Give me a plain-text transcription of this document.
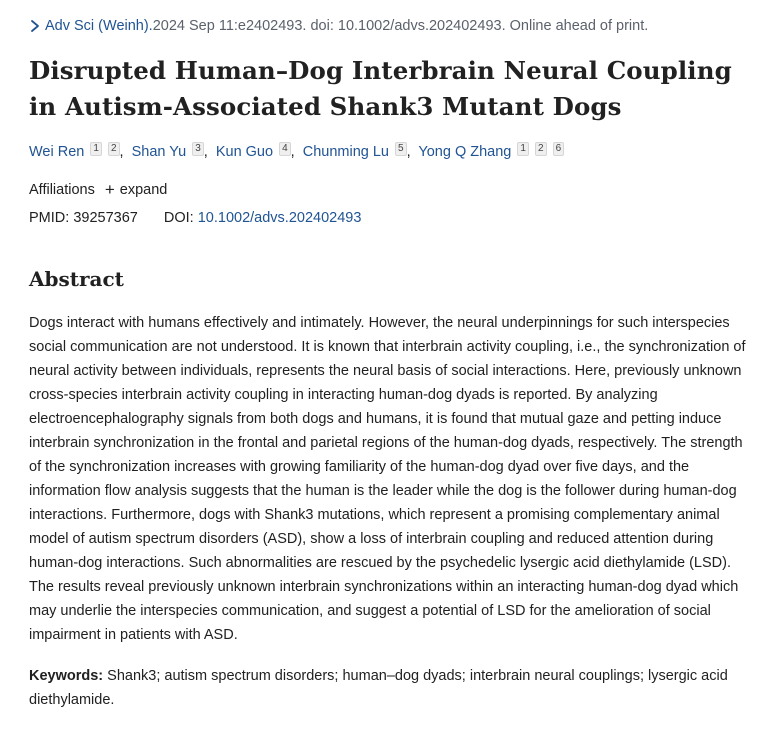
Adv Sci (Weinh). 2024 Sep 11:e2402493. doi: 10.1002/advs.202402493. Online ahead of print.
Disrupted Human–Dog Interbrain Neural Coupling in Autism-Associated Shank3 Mutant Dogs
Wei Ren 1 2 , Shan Yu 3 , Kun Guo 4 , Chunming Lu 5 , Yong Q Zhang 1 2 6
Affiliations + expand
PMID: 39257367 DOI: 10.1002/advs.202402493
Abstract

Dogs interact with humans effectively and intimately. However, the neural underpinnings for such interspecies social communication are not understood. It is known that interbrain activity coupling, i.e., the synchronization of neural activity between individuals, represents the neural basis of social interactions. Here, previously unknown cross-species interbrain activity coupling in interacting human-dog dyads is reported. By analyzing electroencephalography signals from both dogs and humans, it is found that mutual gaze and petting induce interbrain synchronization in the frontal and parietal regions of the human-dog dyads, respectively. The strength of the synchronization increases with growing familiarity of the human-dog dyad over five days, and the information flow analysis suggests that the human is the leader while the dog is the follower during human-dog interactions. Furthermore, dogs with Shank3 mutations, which represent a promising complementary animal model of autism spectrum disorders (ASD), show a loss of interbrain coupling and reduced attention during human-dog interactions. Such abnormalities are rescued by the psychedelic lysergic acid diethylamide (LSD). The results reveal previously unknown interbrain synchronizations within an interacting human-dog dyad which may underlie the interspecies communication, and suggest a potential of LSD for the amelioration of social impairment in patients with ASD.

Keywords: Shank3; autism spectrum disorders; human–dog dyads; interbrain neural couplings; lysergic acid diethylamide.
